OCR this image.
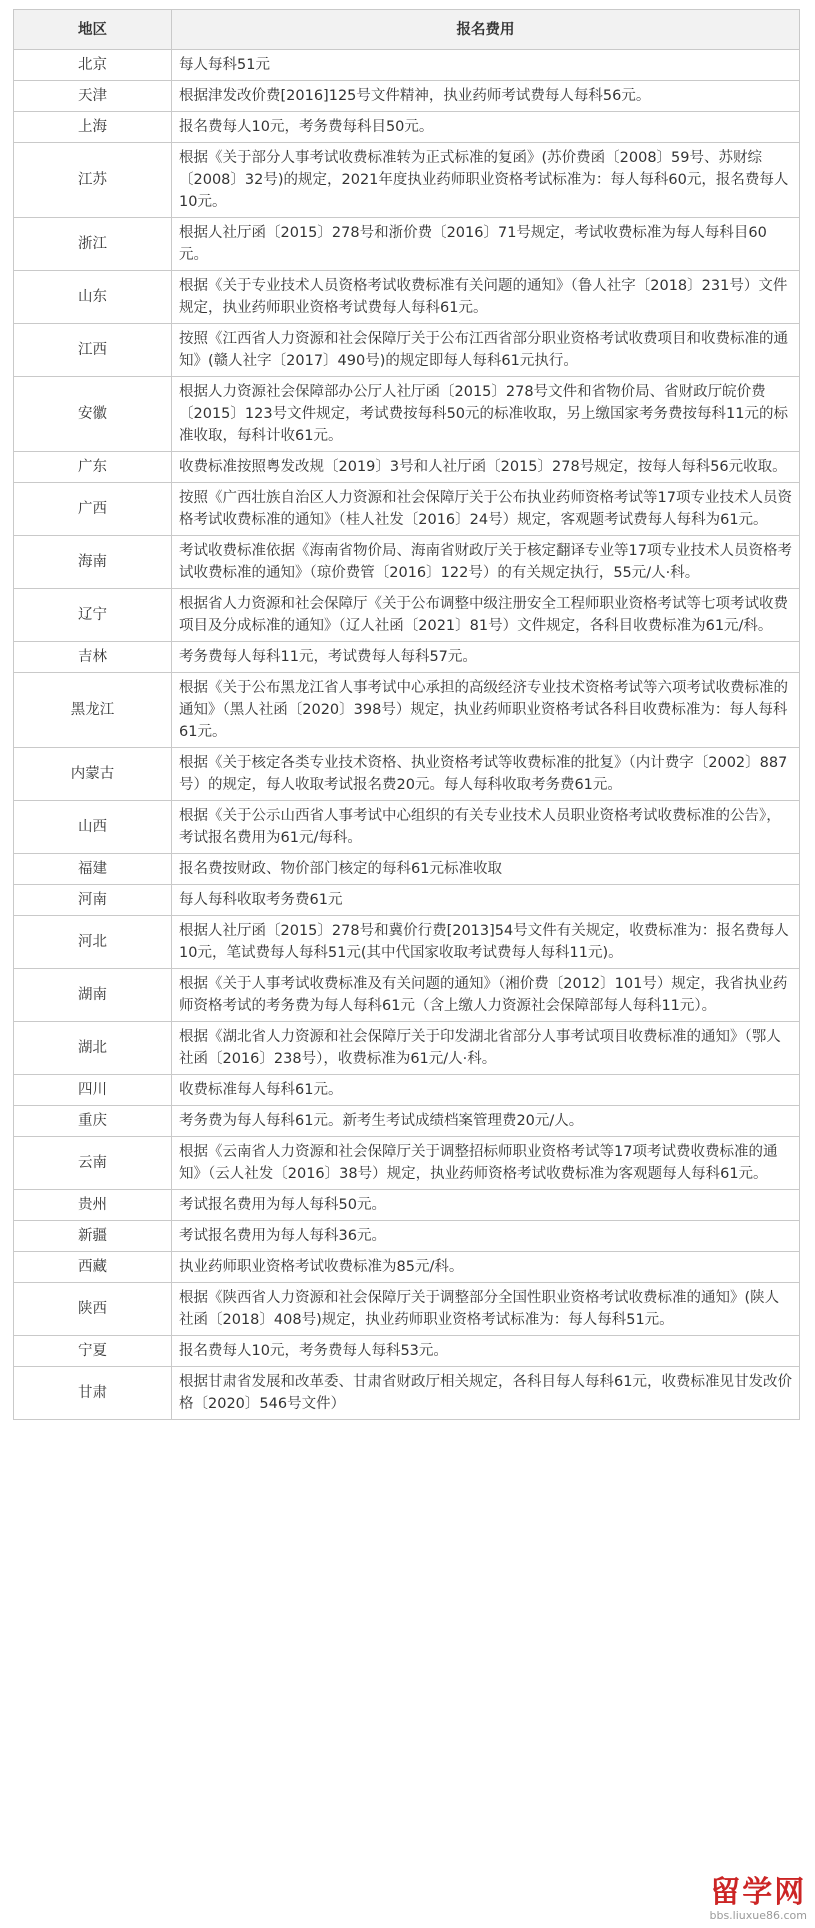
地区	报名费用
北京	每人每科51元
天津	根据津发改价费[2016]125号文件精神，执业药师考试费每人每科56元。
上海	报名费每人10元，考务费每科目50元。
江苏	根据《关于部分人事考试收费标准转为正式标准的复函》(苏价费函〔2008〕59号、苏财综〔2008〕32号)的规定，2021年度执业药师职业资格考试标准为：每人每科60元，报名费每人10元。
浙江	根据人社厅函〔2015〕278号和浙价费〔2016〕71号规定，考试收费标准为每人每科目60元。
山东	根据《关于专业技术人员资格考试收费标准有关问题的通知》（鲁人社字〔2018〕231号）文件规定，执业药师职业资格考试费每人每科61元。
江西	按照《江西省人力资源和社会保障厅关于公布江西省部分职业资格考试收费项目和收费标准的通知》(赣人社字〔2017〕490号)的规定即每人每科61元执行。
安徽	根据人力资源社会保障部办公厅人社厅函〔2015〕278号文件和省物价局、省财政厅皖价费〔2015〕123号文件规定，考试费按每科50元的标准收取，另上缴国家考务费按每科11元的标准收取，每科计收61元。
广东	收费标准按照粤发改规〔2019〕3号和人社厅函〔2015〕278号规定，按每人每科56元收取。
广西	按照《广西壮族自治区人力资源和社会保障厅关于公布执业药师资格考试等17项专业技术人员资格考试收费标准的通知》（桂人社发〔2016〕24号）规定，客观题考试费每人每科为61元。
海南	考试收费标准依据《海南省物价局、海南省财政厅关于核定翻译专业等17项专业技术人员资格考试收费标准的通知》（琼价费管〔2016〕122号）的有关规定执行，55元/人·科。
辽宁	根据省人力资源和社会保障厅《关于公布调整中级注册安全工程师职业资格考试等七项考试收费项目及分成标准的通知》（辽人社函〔2021〕81号）文件规定，各科目收费标准为61元/科。
吉林	考务费每人每科11元，考试费每人每科57元。
黑龙江	根据《关于公布黑龙江省人事考试中心承担的高级经济专业技术资格考试等六项考试收费标准的通知》（黑人社函〔2020〕398号）规定，执业药师职业资格考试各科目收费标准为：每人每科61元。
内蒙古	根据《关于核定各类专业技术资格、执业资格考试等收费标准的批复》（内计费字〔2002〕887号）的规定，每人收取考试报名费20元。每人每科收取考务费61元。
山西	根据《关于公示山西省人事考试中心组织的有关专业技术人员职业资格考试收费标准的公告》，考试报名费用为61元/每科。
福建	报名费按财政、物价部门核定的每科61元标准收取
河南	每人每科收取考务费61元
河北	根据人社厅函〔2015〕278号和冀价行费[2013]54号文件有关规定，收费标准为：报名费每人10元，笔试费每人每科51元(其中代国家收取考试费每人每科11元)。
湖南	根据《关于人事考试收费标准及有关问题的通知》（湘价费〔2012〕101号）规定，我省执业药师资格考试的考务费为每人每科61元（含上缴人力资源社会保障部每人每科11元）。
湖北	根据《湖北省人力资源和社会保障厅关于印发湖北省部分人事考试项目收费标准的通知》（鄂人社函〔2016〕238号），收费标准为61元/人·科。
四川	收费标准每人每科61元。
重庆	考务费为每人每科61元。新考生考试成绩档案管理费20元/人。
云南	根据《云南省人力资源和社会保障厅关于调整招标师职业资格考试等17项考试费收费标准的通知》（云人社发〔2016〕38号）规定，执业药师资格考试收费标准为客观题每人每科61元。
贵州	考试报名费用为每人每科50元。
新疆	考试报名费用为每人每科36元。
西藏	执业药师职业资格考试收费标准为85元/科。
陕西	根据《陕西省人力资源和社会保障厅关于调整部分全国性职业资格考试收费标准的通知》(陕人社函〔2018〕408号)规定，执业药师职业资格考试标准为：每人每科51元。
宁夏	报名费每人10元，考务费每人每科53元。
甘肃	根据甘肃省发展和改革委、甘肃省财政厅相关规定，各科目每人每科61元，收费标准见甘发改价格〔2020〕546号文件）
留学网
bbs.liuxue86.com
